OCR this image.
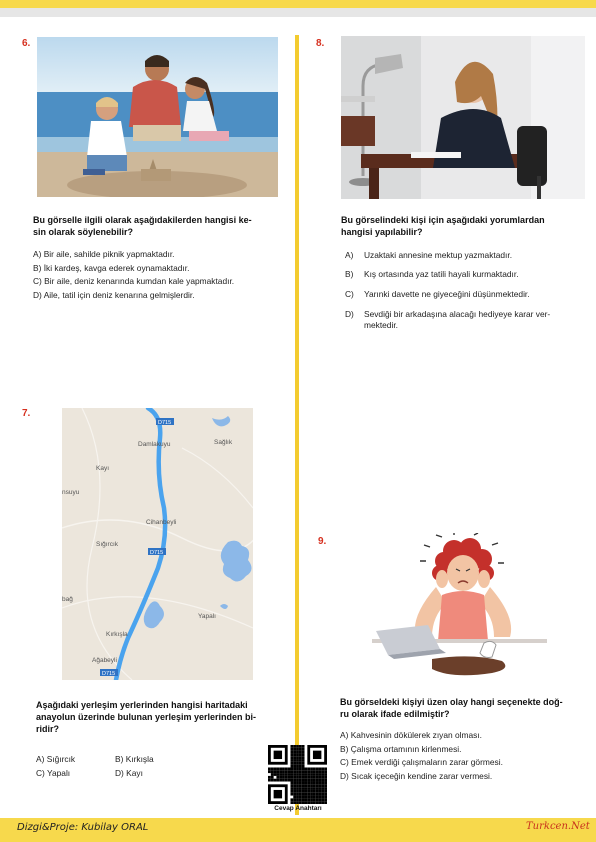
6.
Bu görselle ilgili olarak aşağıdakilerden hangisi ke-
sin olarak söylenebilir?
A) Bir aile, sahilde piknik yapmaktadır.
B) İki kardeş, kavga ederek oynamaktadır.
C) Bir aile, deniz kenarında kumdan kale yapmaktadır.
D) Aile, tatil için deniz kenarına gelmişlerdir.
8.
Bu görselindeki kişi için aşağıdaki yorumlardan
hangisi yapılabilir?
A)	Uzaktaki annesine mektup yazmaktadır.
B)	Kış ortasında yaz tatili hayali kurmaktadır.
C)	Yarınki davette ne giyeceğini düşünmektedir.
D)	Sevdiği bir arkadaşına alacağı hediyeye karar ver-
mektedir.
7.
D715
Damlakuyu	Sağlık
Kayı
nsuyu
Cihanbeyli
Sığırcık
D715
bağ
Yapalı
Kırkışla
Ağabeyli
D715
Aşağıdaki yerleşim yerlerinden hangisi haritadaki
anayolun üzerinde bulunan yerleşim yerlerinden bi-
ridir?
A) Sığırcık	B) Kırkışla
C) Yapalı	D) Kayı
9.
Bu görseldeki kişiyi üzen olay hangi seçenekte doğ-
ru olarak ifade edilmiştir?
A) Kahvesinin dökülerek zıyan olması.
B) Çalışma ortamının kirlenmesi.
C) Emek verdiği çalışmaların zarar görmesi.
D) Sıcak içeceğin kendine zarar vermesi.
Cevap Anahtarı
Dizgi&Proje: Kubilay ORAL	Turkcen.Net
